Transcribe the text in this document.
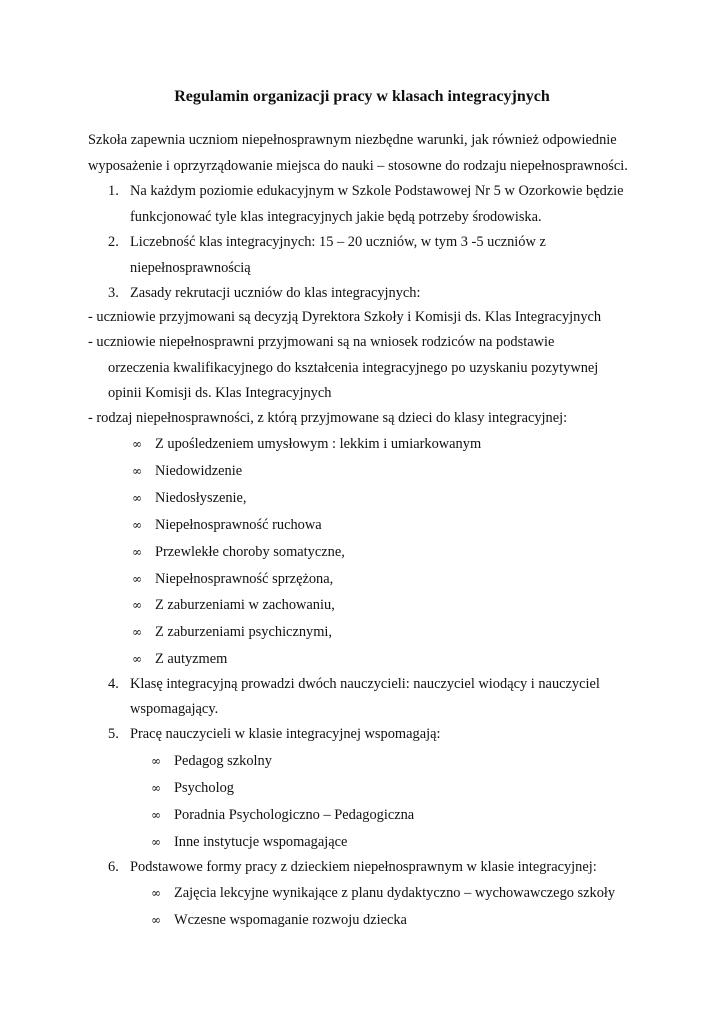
Regulamin organizacji pracy w klasach integracyjnych
Szkoła zapewnia uczniom niepełnosprawnym niezbędne warunki, jak również odpowiednie
wyposażenie i oprzyrządowanie miejsca do nauki – stosowne do rodzaju niepełnosprawności.
1. Na każdym poziomie edukacyjnym w Szkole Podstawowej Nr 5 w Ozorkowie będzie
funkcjonować tyle klas integracyjnych jakie będą potrzeby środowiska.
2. Liczebność klas integracyjnych: 15 – 20 uczniów, w tym 3 -5 uczniów z
niepełnosprawnością
3. Zasady rekrutacji uczniów do klas integracyjnych:
- uczniowie przyjmowani są decyzją Dyrektora Szkoły i Komisji ds. Klas Integracyjnych
- uczniowie niepełnosprawni przyjmowani są na wniosek rodziców na podstawie
orzeczenia kwalifikacyjnego do kształcenia integracyjnego po uzyskaniu pozytywnej
opinii Komisji ds. Klas Integracyjnych
- rodzaj niepełnosprawności, z którą przyjmowane są dzieci do klasy integracyjnej:
∞ Z upośledzeniem umysłowym : lekkim i umiarkowanym
∞ Niedowidzenie
∞ Niedosłyszenie,
∞ Niepełnosprawność ruchowa
∞ Przewlekłe choroby somatyczne,
∞ Niepełnosprawność sprzężona,
∞ Z zaburzeniami w zachowaniu,
∞ Z zaburzeniami psychicznymi,
∞ Z autyzmem
4. Klasę integracyjną prowadzi dwóch nauczycieli: nauczyciel wiodący i nauczyciel
wspomagający.
5. Pracę nauczycieli w klasie integracyjnej wspomagają:
∞ Pedagog szkolny
∞ Psycholog
∞ Poradnia Psychologiczno – Pedagogiczna
∞ Inne instytucje wspomagające
6. Podstawowe formy pracy z dzieckiem niepełnosprawnym w klasie integracyjnej:
∞ Zajęcia lekcyjne wynikające z planu dydaktyczno – wychowawczego szkoły
∞ Wczesne wspomaganie rozwoju dziecka
